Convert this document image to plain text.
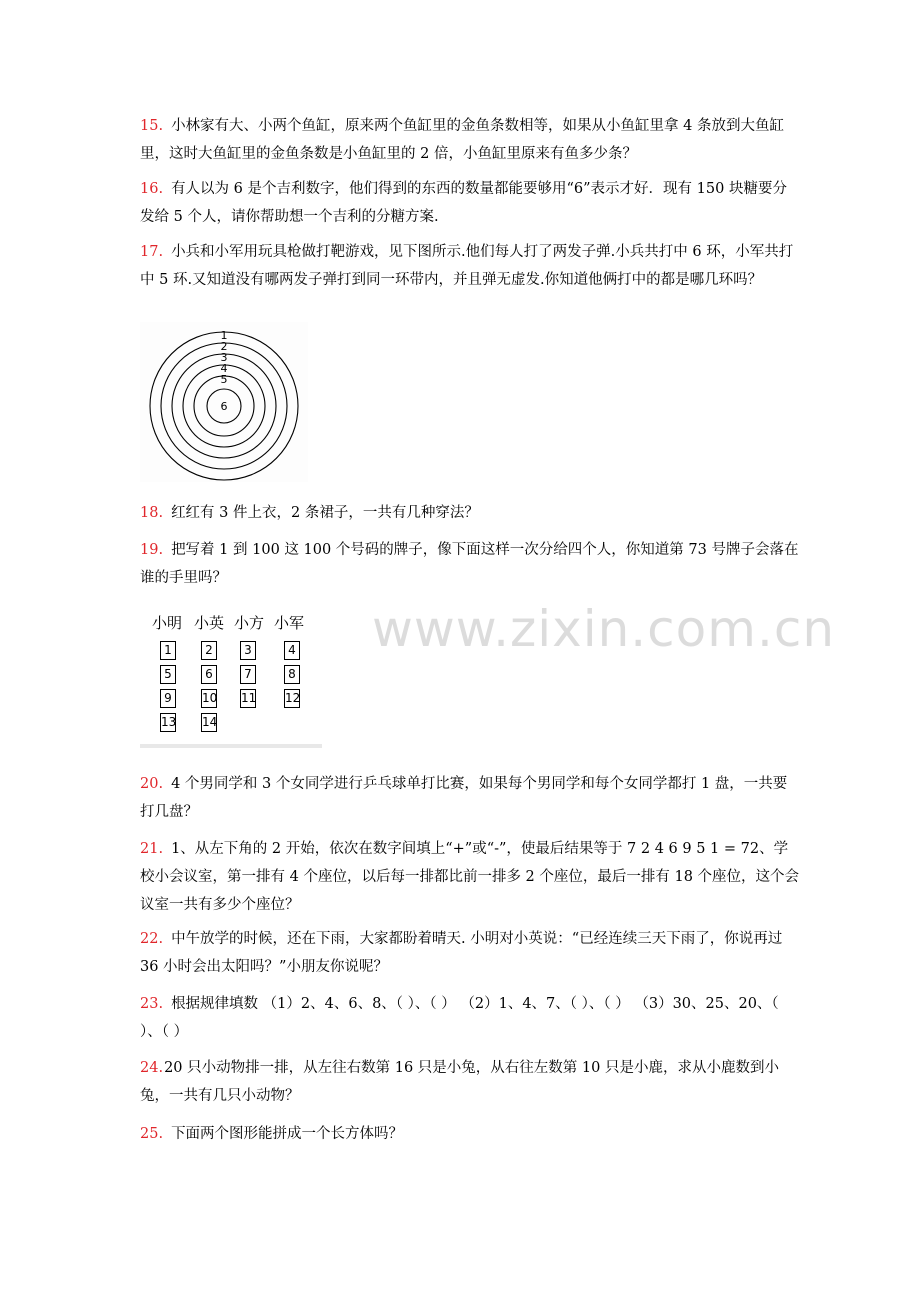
www.zixin.com.cn
15. 小林家有大、小两个鱼缸，原来两个鱼缸里的金鱼条数相等，如果从小鱼缸里拿 4 条放到大鱼缸里，这时大鱼缸里的金鱼条数是小鱼缸里的 2 倍，小鱼缸里原来有鱼多少条？
16. 有人以为 6 是个吉利数字，他们得到的东西的数量都能要够用“6”表示才好．现有 150 块糖要分发给 5 个人，请你帮助想一个吉利的分糖方案.
17. 小兵和小军用玩具枪做打靶游戏，见下图所示.他们每人打了两发子弹.小兵共打中 6 环，小军共打中 5 环.又知道没有哪两发子弹打到同一环带内，并且弹无虚发.你知道他俩打中的都是哪几环吗？
1
2
3
4
5
6
18. 红红有 3 件上衣，2 条裙子，一共有几种穿法？
19. 把写着 1 到 100 这 100 个号码的牌子，像下面这样一次分给四个人，你知道第 73 号牌子会落在谁的手里吗？
小明 小英 小方 小军
1	2	3	4
5	6	7	8
9	10 11 12
13 14
20. 4 个男同学和 3 个女同学进行乒乓球单打比赛，如果每个男同学和每个女同学都打 1 盘，一共要打几盘？
21. 1、从左下角的 2 开始，依次在数字间填上“+”或“-”，使最后结果等于 7 2 4 6 9 5 1 = 72、学校小会议室，第一排有 4 个座位，以后每一排都比前一排多 2 个座位，最后一排有 18 个座位，这个会议室一共有多少个座位？
22. 中午放学的时候，还在下雨，大家都盼着晴天. 小明对小英说：“已经连续三天下雨了，你说再过 36 小时会出太阳吗？”小朋友你说呢？
23. 根据规律填数 （1）2、4、6、8、（ ）、（ ） （2）1、4、7、（ ）、（ ） （3）30、25、20、（ ）、（ ）
24.20 只小动物排一排，从左往右数第 16 只是小兔，从右往左数第 10 只是小鹿，求从小鹿数到小兔，一共有几只小动物？
25. 下面两个图形能拼成一个长方体吗？
